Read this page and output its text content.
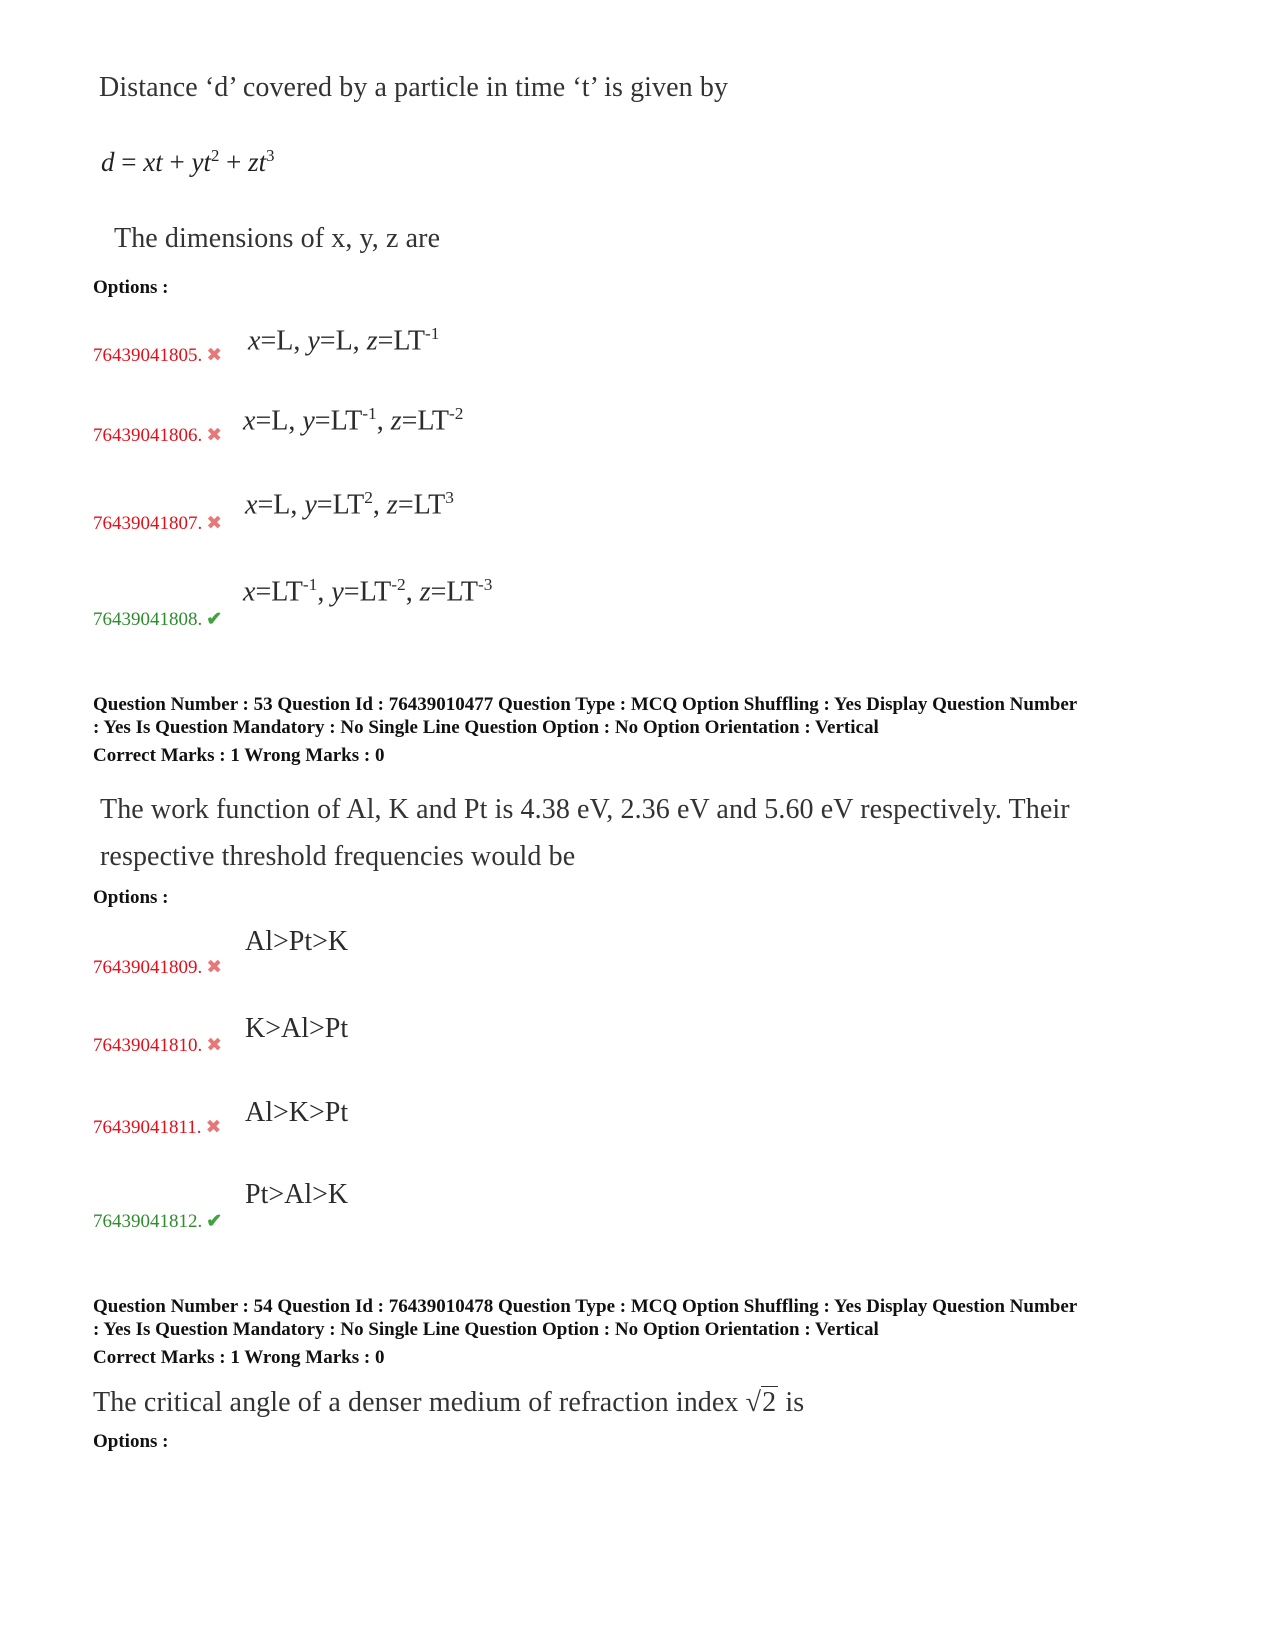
Distance ‘d’ covered by a particle in time ‘t’ is given by
d = xt + $yt^2 + zt^3$
The dimensions of x, y, z are
Options :
x=L, y=L, $z=LT^{-1}$
76439041805. ✖
x=L, $y=LT^{-1}$, $z=LT^{-2}$
76439041806. ✖
x=L, $y=LT^2$, $z=LT^3$
76439041807. ✖
$x=LT^{-1}$, $y=LT^{-2}$, $z=LT^{-3}$
76439041808. ✔
Question Number : 53 Question Id : 76439010477 Question Type : MCQ Option Shuffling : Yes Display Question Number
: Yes Is Question Mandatory : No Single Line Question Option : No Option Orientation : Vertical
Correct Marks : 1 Wrong Marks : 0
The work function of Al, K and Pt is 4.38 eV, 2.36 eV and 5.60 eV respectively. Their
respective threshold frequencies would be
Options :
Al>Pt>K
76439041809. ✖
K>Al>Pt
76439041810. ✖
Al>K>Pt
76439041811. ✖
Pt>Al>K
76439041812. ✔
Question Number : 54 Question Id : 76439010478 Question Type : MCQ Option Shuffling : Yes Display Question Number
: Yes Is Question Mandatory : No Single Line Question Option : No Option Orientation : Vertical
Correct Marks : 1 Wrong Marks : 0
The critical angle of a denser medium of refraction index √2 is
Options :
